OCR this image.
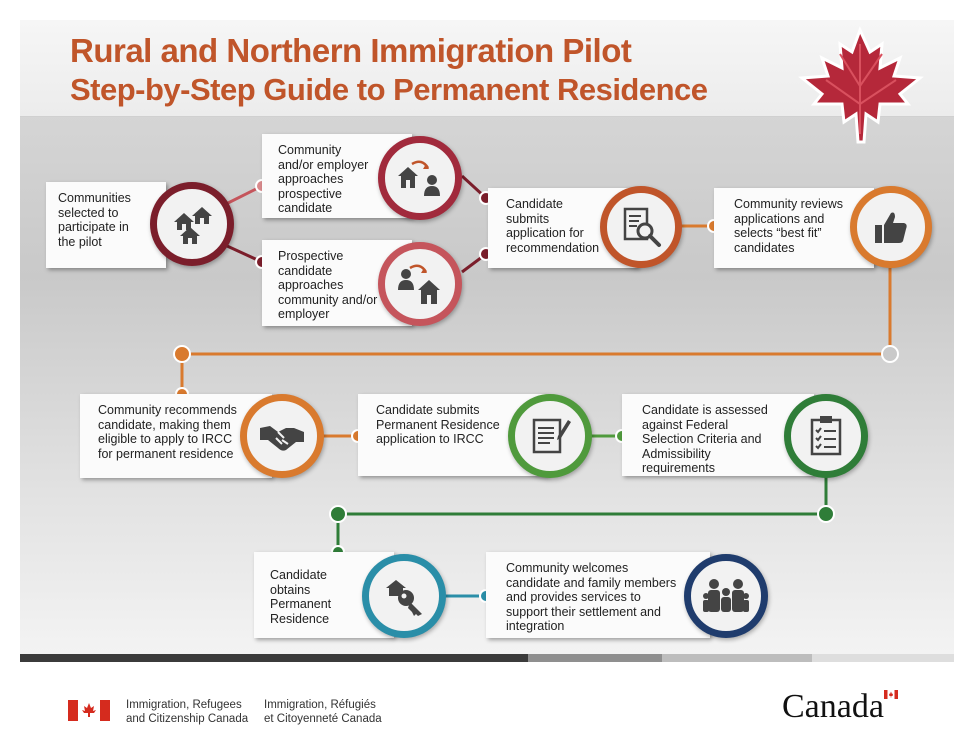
Rural and Northern Immigration Pilot
Step-by-Step Guide to Permanent Residence
Communities selected to participate in the pilot
Community and/or employer approaches prospective candidate
Prospective candidate approaches community and/or employer
Candidate submits application for recommendation
Community reviews applications and selects “best fit” candidates
Community recommends candidate, making them eligible to apply to IRCC for permanent residence
Candidate submits Permanent Residence application to IRCC
Candidate is assessed against Federal Selection Criteria and Admissibility requirements
Candidate obtains Permanent Residence
Community welcomes candidate and family members and provides services to support their settlement and integration
Immigration, Refugees
and Citizenship Canada
Immigration, Réfugiés
et Citoyenneté Canada	Canada
